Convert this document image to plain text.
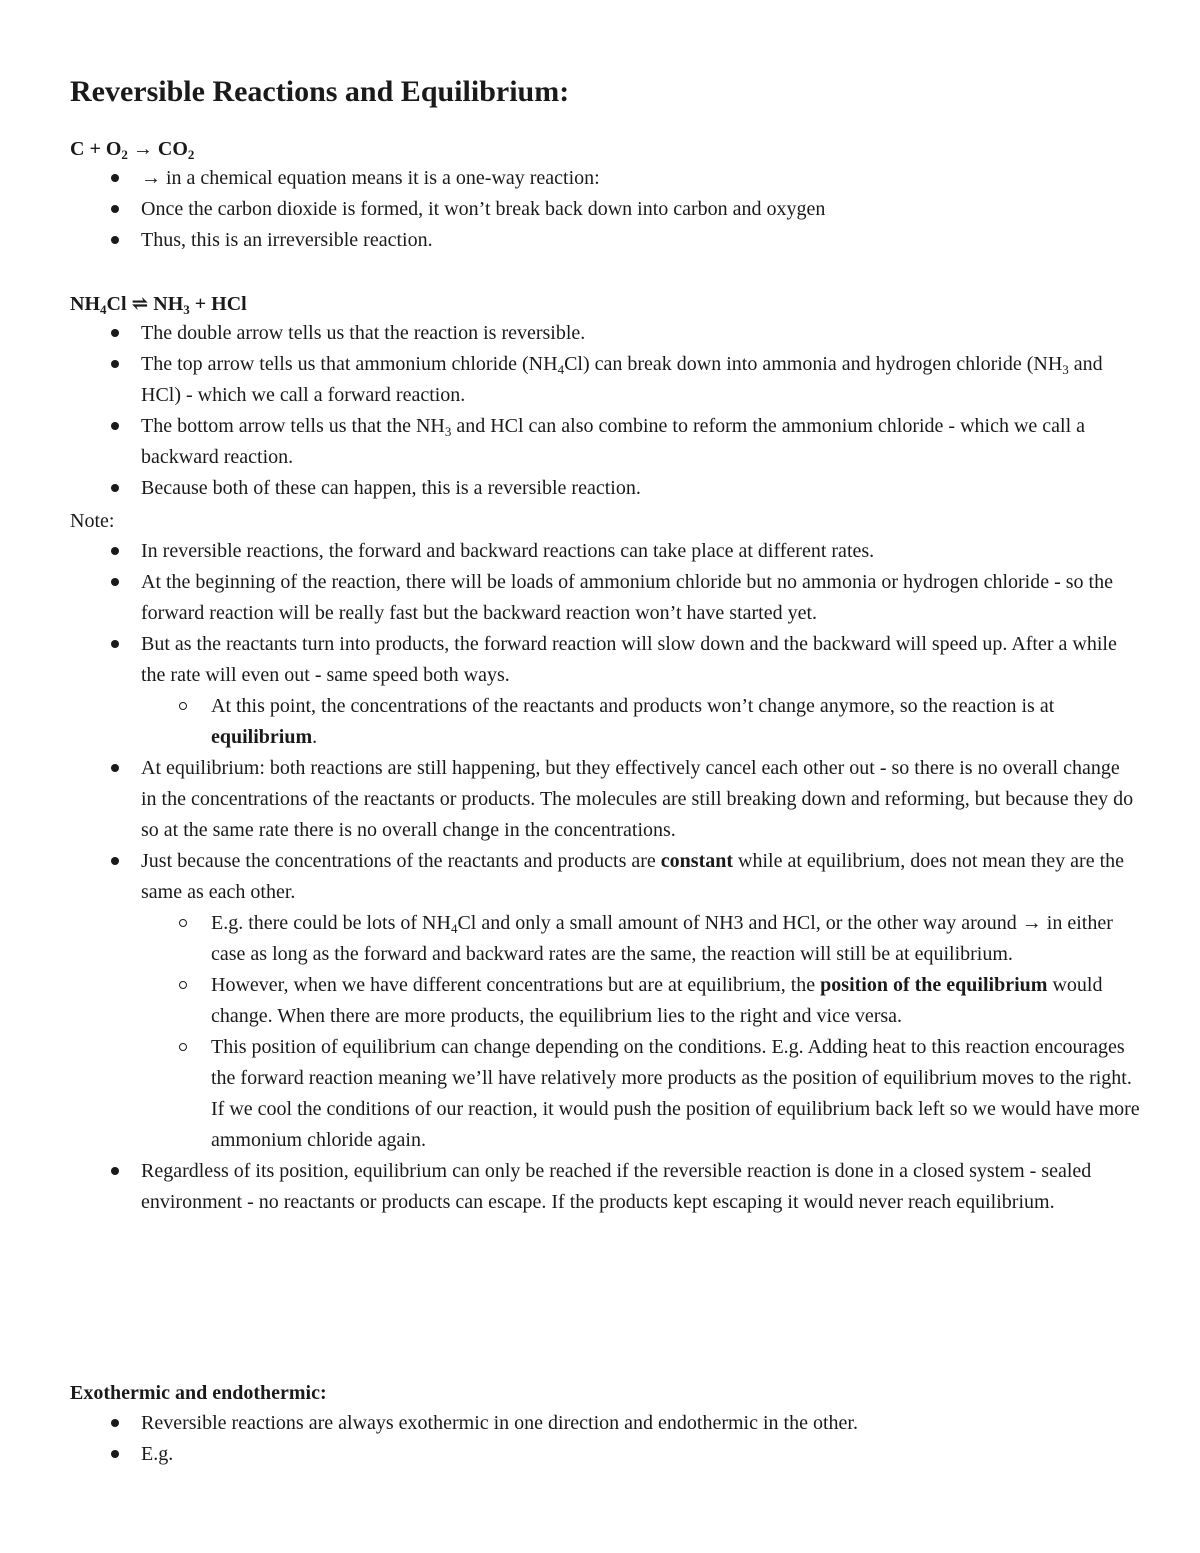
Reversible Reactions and Equilibrium:

$C + O_2 \to CO_2$

→ in a chemical equation means it is a one-way reaction:
Once the carbon dioxide is formed, it won’t break back down into carbon and oxygen
Thus, this is an irreversible reaction.

$NH_4Cl$ ⇌ $NH_3$ + HCl

The double arrow tells us that the reaction is reversible.
The top arrow tells us that ammonium chloride $(NH_4Cl)$ can break down into ammonia and hydrogen chloride ($NH_3$ and HCl) - which we call a forward reaction.
The bottom arrow tells us that the $NH_3$ and HCl can also combine to reform the ammonium chloride - which we call a backward reaction.
Because both of these can happen, this is a reversible reaction.

Note:

In reversible reactions, the forward and backward reactions can take place at different rates.
At the beginning of the reaction, there will be loads of ammonium chloride but no ammonia or hydrogen chloride - so the forward reaction will be really fast but the backward reaction won’t have started yet.
But as the reactants turn into products, the forward reaction will slow down and the backward will speed up. After a while the rate will even out - same speed both ways.
At this point, the concentrations of the reactants and products won’t change anymore, so the reaction is at equilibrium.
At equilibrium: both reactions are still happening, but they effectively cancel each other out - so there is no overall change in the concentrations of the reactants or products. The molecules are still breaking down and reforming, but because they do so at the same rate there is no overall change in the concentrations.
Just because the concentrations of the reactants and products are constant while at equilibrium, does not mean they are the same as each other.
E.g. there could be lots of $NH_4Cl$ and only a small amount of NH3 and HCl, or the other way around → in either case as long as the forward and backward rates are the same, the reaction will still be at equilibrium.
However, when we have different concentrations but are at equilibrium, the position of the equilibrium would change. When there are more products, the equilibrium lies to the right and vice versa.
This position of equilibrium can change depending on the conditions. E.g. Adding heat to this reaction encourages the forward reaction meaning we’ll have relatively more products as the position of equilibrium moves to the right. If we cool the conditions of our reaction, it would push the position of equilibrium back left so we would have more ammonium chloride again.
Regardless of its position, equilibrium can only be reached if the reversible reaction is done in a closed system - sealed environment - no reactants or products can escape. If the products kept escaping it would never reach equilibrium.
Exothermic and endothermic:
Reversible reactions are always exothermic in one direction and endothermic in the other.
E.g.
